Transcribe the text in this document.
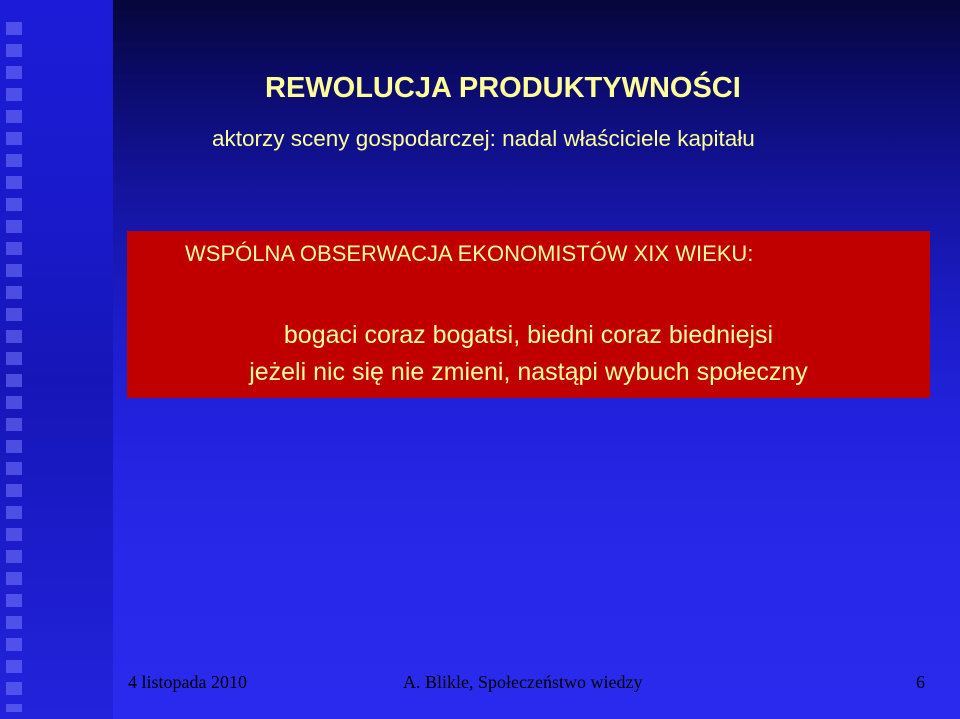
REWOLUCJA PRODUKTYWNOŚCI

aktorzy sceny gospodarczej: nadal właściciele kapitału

WSPÓLNA OBSERWACJA EKONOMISTÓW XIX WIEKU:
bogaci coraz bogatsi, biedni coraz biedniejsi
jeżeli nic się nie zmieni, nastąpi wybuch społeczny
4 listopada 2010	A. Blikle, Społeczeństwo wiedzy	6
